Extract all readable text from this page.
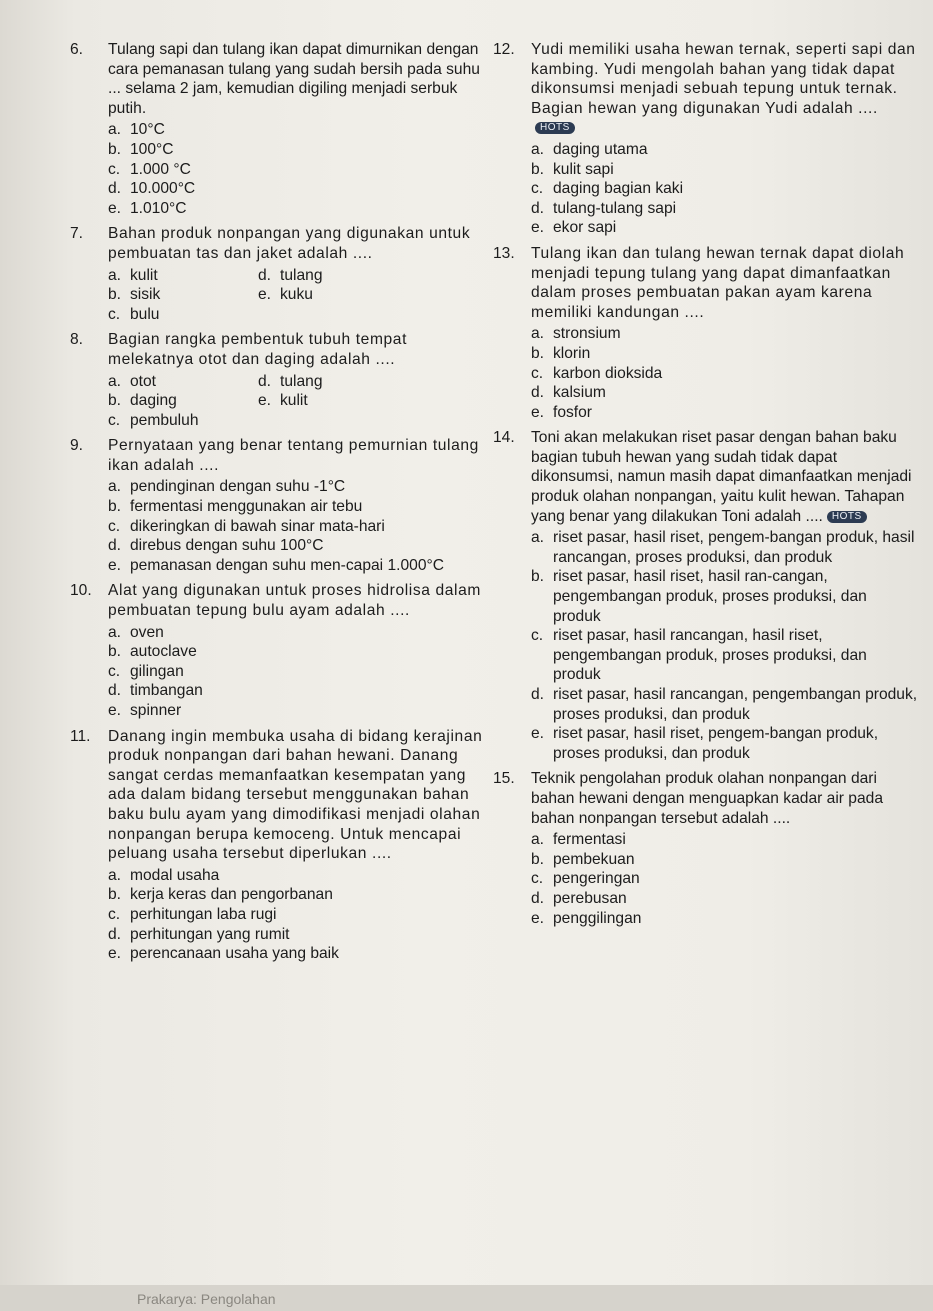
6. Tulang sapi dan tulang ikan dapat dimurnikan dengan cara pemanasan tulang yang sudah bersih pada suhu ... selama 2 jam, kemudian digiling menjadi serbuk putih.
a. 10°C
b. 100°C
c. 1.000 °C
d. 10.000°C
e. 1.010°C
7. Bahan produk nonpangan yang digunakan untuk pembuatan tas dan jaket adalah ....
a. kulit	d. tulang
b. sisik	e. kuku
c. bulu
8. Bagian rangka pembentuk tubuh tempat melekatnya otot dan daging adalah ....
a. otot	d. tulang
b. daging	e. kulit
c. pembuluh
9. Pernyataan yang benar tentang pemurnian tulang ikan adalah ....
a. pendinginan dengan suhu -1°C
b. fermentasi menggunakan air tebu
c. dikeringkan di bawah sinar mata-hari
d. direbus dengan suhu 100°C
e. pemanasan dengan suhu men-capai 1.000°C
10. Alat yang digunakan untuk proses hidrolisa dalam pembuatan tepung bulu ayam adalah ....
a. oven
b. autoclave
c. gilingan
d. timbangan
e. spinner
11. Danang ingin membuka usaha di bidang kerajinan produk nonpangan dari bahan hewani. Danang sangat cerdas memanfaatkan kesempatan yang ada dalam bidang tersebut menggunakan bahan baku bulu ayam yang dimodifikasi menjadi olahan nonpangan berupa kemoceng. Untuk mencapai peluang usaha tersebut diperlukan ....
a. modal usaha
b. kerja keras dan pengorbanan
c. perhitungan laba rugi
d. perhitungan yang rumit
e. perencanaan usaha yang baik
12. Yudi memiliki usaha hewan ternak, seperti sapi dan kambing. Yudi mengolah bahan yang tidak dapat dikonsumsi menjadi sebuah tepung untuk ternak. Bagian hewan yang digunakan Yudi adalah ....HOTS
a. daging utama
b. kulit sapi
c. daging bagian kaki
d. tulang-tulang sapi
e. ekor sapi
13. Tulang ikan dan tulang hewan ternak dapat diolah menjadi tepung tulang yang dapat dimanfaatkan dalam proses pembuatan pakan ayam karena memiliki kandungan ....
a. stronsium
b. klorin
c. karbon dioksida
d. kalsium
e. fosfor
14. Toni akan melakukan riset pasar dengan bahan baku bagian tubuh hewan yang sudah tidak dapat dikonsumsi, namun masih dapat dimanfaatkan menjadi produk olahan nonpangan, yaitu kulit hewan. Tahapan yang benar yang dilakukan Toni adalah .... HOTS
a. riset pasar, hasil riset, pengem-bangan produk, hasil rancangan, proses produksi, dan produk
b. riset pasar, hasil riset, hasil ran-cangan, pengembangan produk, proses produksi, dan produk
c. riset pasar, hasil rancangan, hasil riset, pengembangan produk, proses produksi, dan produk
d. riset pasar, hasil rancangan, pengembangan produk, proses produksi, dan produk
e. riset pasar, hasil riset, pengem-bangan produk, proses produksi, dan produk
15. Teknik pengolahan produk olahan nonpangan dari bahan hewani dengan menguapkan kadar air pada bahan nonpangan tersebut adalah ....
a. fermentasi
b. pembekuan
c. pengeringan
d. perebusan
e. penggilingan
Prakarya: Pengolahan
